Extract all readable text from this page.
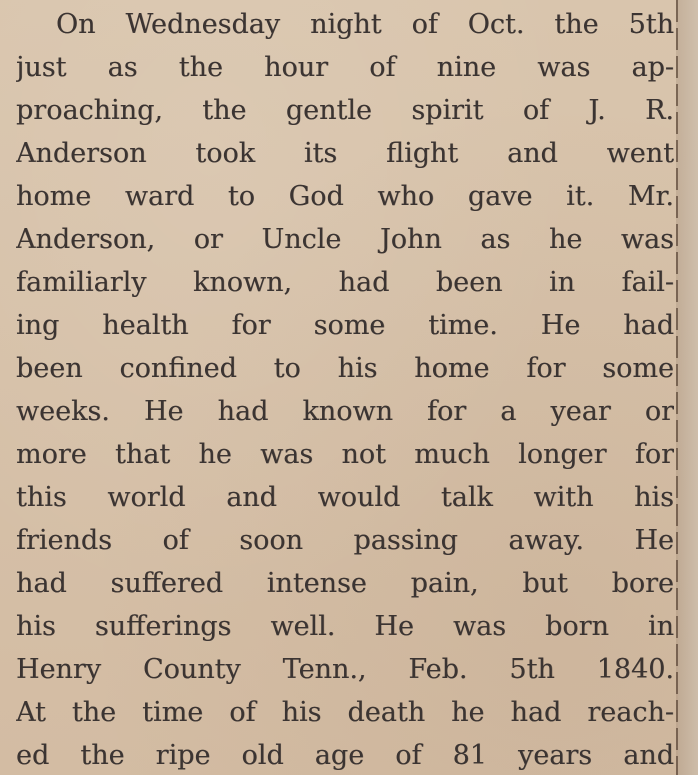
On Wednesday night of Oct. the 5th
just as the hour of nine was ap-
proaching, the gentle spirit of J. R.
Anderson took its flight and went
home ward to God who gave it. Mr.
Anderson, or Uncle John as he was
familiarly known, had been in fail-
ing health for some time. He had
been confined to his home for some
weeks. He had known for a year or
more that he was not much longer for
this world and would talk with his
friends of soon passing away. He
had suffered intense pain, but bore
his sufferings well. He was born in
Henry County Tenn., Feb. 5th 1840.
At the time of his death he had reach-
ed the ripe old age of 81 years and
